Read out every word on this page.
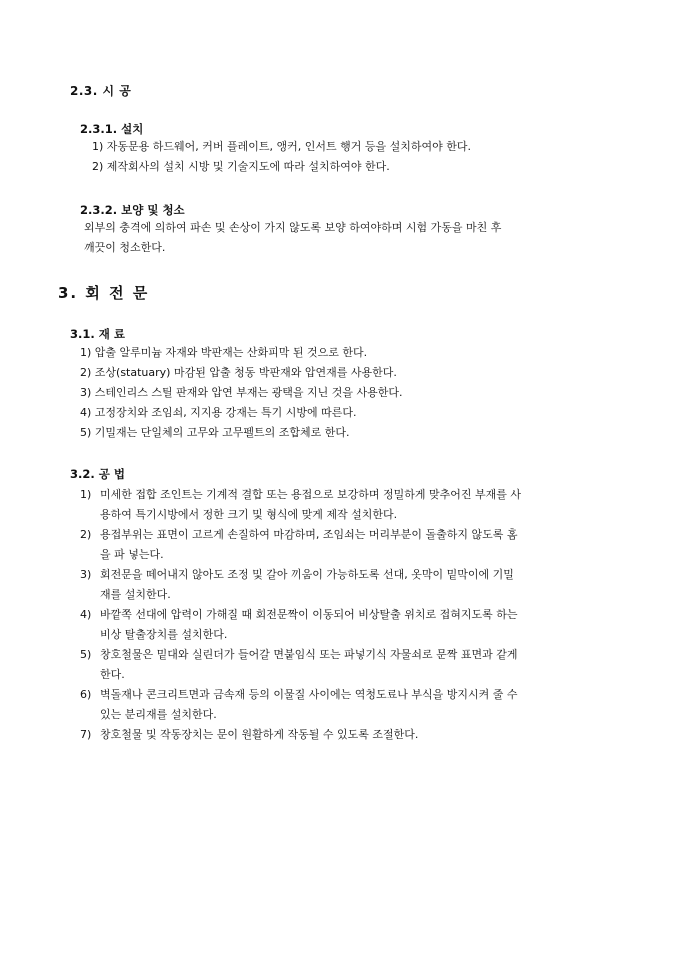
2.3. 시 공
2.3.1. 설치
1) 자동문용 하드웨어, 커버 플레이트, 앵커, 인서트 행거 등을 설치하여야 한다.
2) 제작회사의 설치 시방 및 기술지도에 따라 설치하여야 한다.
2.3.2. 보양 및 청소
외부의 충격에 의하여 파손 및 손상이 가지 않도록 보양 하여야하며 시험 가동을 마친 후
깨끗이 청소한다.
3. 회 전 문
3.1. 재 료
1) 압출 알루미늄 자재와 박판재는 산화피막 된 것으로 한다.
2) 조상(statuary) 마감된 압출 청동 박판재와 압연재를 사용한다.
3) 스테인리스 스틸 판재와 압연 부재는 광택을 지닌 것을 사용한다.
4) 고정장치와 조임쇠, 지지용 강재는 특기 시방에 따른다.
5) 기밀재는 단일체의 고무와 고무펠트의 조합체로 한다.
3.2. 공 법
1) 미세한 접합 조인트는 기계적 결합 또는 용접으로 보강하며 정밀하게 맞추어진 부재를 사
용하여 특기시방에서 정한 크기 및 형식에 맞게 제작 설치한다.
2) 용접부위는 표면이 고르게 손질하여 마감하며, 조임쇠는 머리부분이 돌출하지 않도록 홈
을 파 넣는다.
3) 회전문을 떼어내지 않아도 조정 및 갈아 끼움이 가능하도록 선대, 옷막이 밑막이에 기밀
재를 설치한다.
4) 바깥쪽 선대에 압력이 가해질 때 회전문짝이 이동되어 비상탈출 위치로 접혀지도록 하는
비상 탈출장치를 설치한다.
5) 창호철물은 밑대와 실린더가 들어갈 면붙임식 또는 파넣기식 자물쇠로 문짝 표면과 같게
한다.
6) 벽돌재나 콘크리트면과 금속재 등의 이물질 사이에는 역청도료나 부식을 방지시켜 줄 수
있는 분리재를 설치한다.
7) 창호철물 및 작동장치는 문이 원활하게 작동될 수 있도록 조절한다.
